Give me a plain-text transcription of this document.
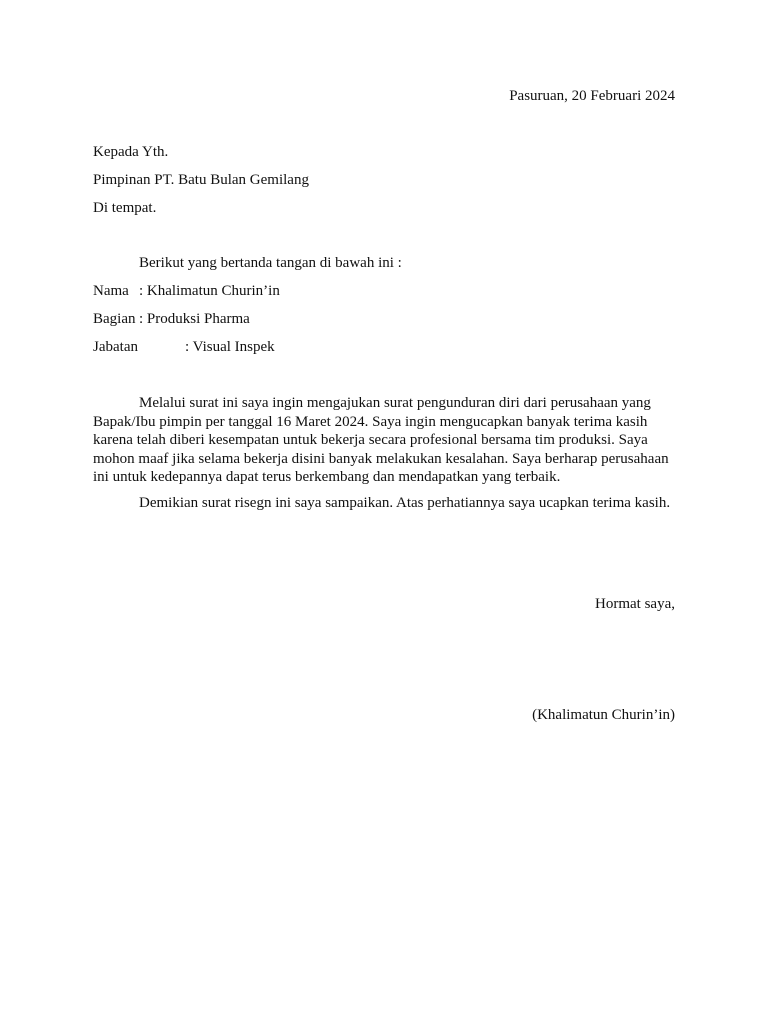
Pasuruan, 20 Februari 2024
Kepada Yth.
Pimpinan PT. Batu Bulan Gemilang
Di tempat.
Berikut yang bertanda tangan di bawah ini :
Nama : Khalimatun Churin’in
Bagian : Produksi Pharma
Jabatan	: Visual Inspek
Melalui surat ini saya ingin mengajukan surat pengunduran diri dari perusahaan yang Bapak/Ibu pimpin per tanggal 16 Maret 2024. Saya ingin mengucapkan banyak terima kasih karena telah diberi kesempatan untuk bekerja secara profesional bersama tim produksi. Saya mohon maaf jika selama bekerja disini banyak melakukan kesalahan. Saya berharap perusahaan ini untuk kedepannya dapat terus berkembang dan mendapatkan yang terbaik.
Demikian surat risegn ini saya sampaikan. Atas perhatiannya saya ucapkan terima kasih.
Hormat saya,
(Khalimatun Churin’in)
